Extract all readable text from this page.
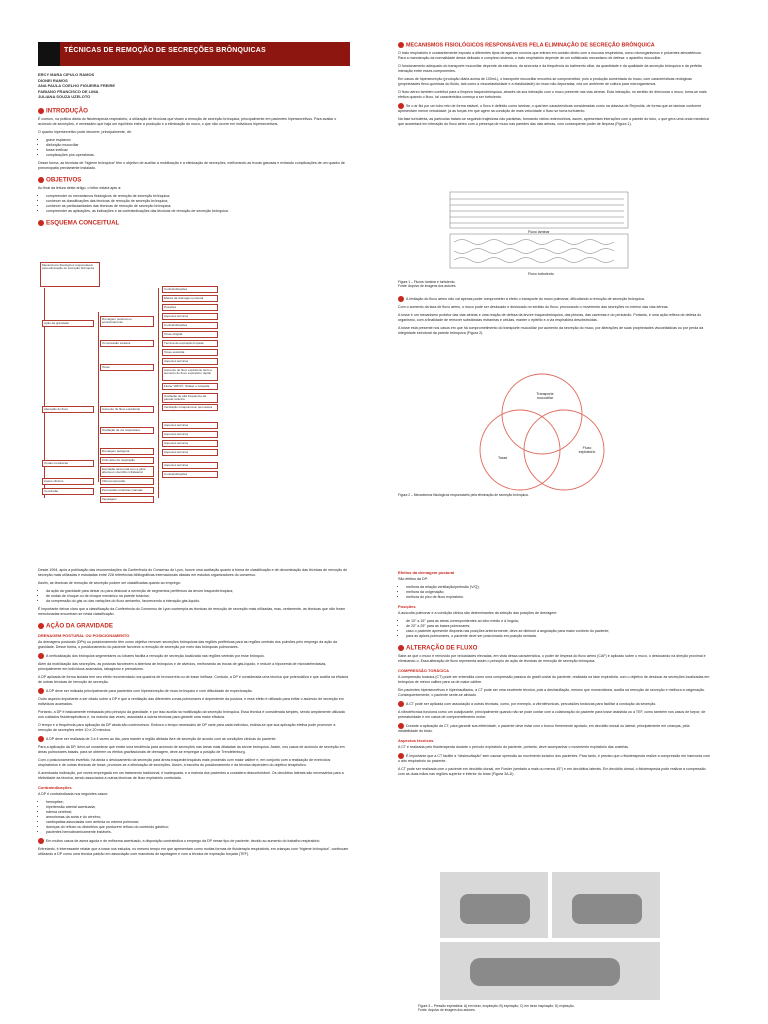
TÉCNICAS DE REMOÇÃO DE SECREÇÕES BRÔNQUICAS
ERCY MARA CIPULO RAMOS
DIONEI RAMOS
ANA PAULA COELHO FIGUEIRA FREIRE
FABIANO FRANCISCO DE LIMA
JULIANA SOUZA UZELOTO
INTRODUÇÃO

É comum, na prática diária do fisioterapeuta respiratório, a utilização de técnicas que visam a remoção de secreção brônquica, principalmente em pacientes hipersecretivos. Para avaliar o acúmulo de secreções, é necessário que haja um equilíbrio entre a produção e a eliminação do muco, o que não ocorre em indivíduos hipersecretivos.

O quadro hipersecretivo pode decorrer, principalmente, de:

• grave espásmo
• disfunção mucociliar
• tosse ineficaz
• complicações pós-operatórias.

Desse forma, as técnicas de “higiene brônquica” têm o objetivo de auxiliar a mobilização e a eliminação de secreções, melhorando as trocas gasosas e evitando complicações de um quadro de pneumopatia previamente instalado.

OBJETIVOS

Ao final da leitura deste artigo, o leitor estará apto a:

• compreender os mecanismos fisiológicos de remoção de secreção brônquica;
• conhecer as classificações das técnicas de remoção de secreção brônquica;
• conhecer as particularidades das técnicas de remoção de secreção brônquica;
• compreender as aplicações, as indicações e as contraindicações das técnicas de remoção de secreção brônquica.
ESQUEMA CONCEITUAL
Mecanismos fisiológicos responsáveis pela eliminação de secreção brônquica
Ação da gravidade
Alteração do fluxo
Ondas mecânicas
Casos clínicos
Conclusão
Drenagem postural ou posicionamento
Compressão torácica
Tosse
Aumento do fluxo expiratório
Oscilação da via respiratória
Drenagem autógena
Ciclo ativo de respiração
Expiração lenta total com a glote aberta em decúbito infralateral
Vibrocompressão
Percussões torácicas manuais
Tapotagem
Contraindicações
Efeitos da drenagem postural
Posições
Aspectos técnicos
Contraindicações
Tosse dirigida
Técnica de expiração forçada
Tosse assistida
Aspectos técnicos
Aumento do fluxo expiratório lento e aumento do fluxo expiratório rápido
Flutter VRP1®, Shaker e Acapella
Oscilação de alta frequência da parede torácica
Ventilação intrapulmonar percussiva
Aspectos técnicos
Aspectos técnicos
Aspectos técnicos
Aspectos técnicos
Aspectos técnicos
Contraindicações
MECANISMOS FISIOLÓGICOS RESPONSÁVEIS PELA ELIMINAÇÃO DE SECREÇÃO BRÔNQUICA

O trato respiratório é constantemente exposto a diferentes tipos de agentes nocivos que entram em contato direto com a mucosa respiratória, como microrganismos e poluentes atmosféricos. Para a manutenção da normalidade desse delicado e complexo sistema, o trato respiratório depende de um sofisticado mecanismo de defesa: o aparelho mucociliar.

O funcionamento adequado do transporte mucociliar depende da estrutura, da sincronia e da frequência do batimento ciliar, da quantidade e da qualidade da secreção brônquica e da perfeita interação entre esses componentes.

Em casos de hipersecreção (produção diária acima de 100mL), o transporte mucociliar encontra-se comprometido, pois a produção aumentada do muco, com características reológicas (propriedades flexo-químicas do fluido, tais como a viscoelasticidade e a elasticidade) do muco não depuradas, cria um ambiente de cultura para microrganismos.

O fluxo aéreo também contribui para a limpeza traqueobrônquica, através da sua interação com o muco presente nas vias aéreas. Esta interação, no sentido de direcionar o muco, torna-se mais efetiva quando o fluxo, tal característica começa a ser turbulento.

Se o ar flui por um tubo reto de forma estável, o fluxo é definido como laminar, o qual tem características consideradas como na clássica de Reynolds, de forma que se laminar conforme apresentam menor velocidade, já as forças em que agem na condição de mais velocidade o fluxo se torna turbulento.

Na fase turbulenta, as partículas tratam-se seguindo trajetórias não paralelas, formando vários redemoinhos, assim, apresentam interações com a parede do tubo, o que gera uma onda mecânica que acarretará em interação do fluxo aéreo com a presença de muco nas paredes das vias aéreas, com consequente poder de limpeza (Figura 1).

Fluxo laminar
Fluxo turbulento
Figura 1 – Fluxos: laminar e turbulento.
Fonte: Arquivo de imagens dos autores.

A limitação do fluxo aéreo não vai apenas poder comprometer a efeito o transporte do muco pulmonar, dificultando a remoção de secreção brônquica.

Com o aumento da taxa de fluxo aéreo, o muco pode ser deslocado e deslocado no sentido do fluxo, provocando o movimento das secreções no interior das vias aéreas.

A tosse é um mecanismo protetor das vias aéreas e uma reação de defesa da árvore traqueobrônquica, das pleuras, das cavernas e do pericárdio. Portanto, é uma ação reflexa de defesa do organismo, com a finalidade de remover substâncias estranhas e células, manter o epitélio e a via respiratória desobstruídas.

A tosse está presente nos casos em que há comprometimento do transporte mucociliar por aumento da secreção do muco, por alterações de suas propriedades viscoelásticas ou por perda da integridade estrutural da parede brônquica (Figura 2).

Transporte mucociliar
Tosse
Fluxo expiratório
Figura 2 – Mecanismos fisiológicos responsáveis pela eliminação de secreção brônquica.

Desde 1994, após a publicação das recomendações da Conferência do Consenso de Lyon, houve uma aceitação quanto à forma de classificação e de denominação das técnicas de remoção de secreção mais utilizadas e estudadas entre 228 referências bibliográficas internacionais citadas em estudos organizadores do consenso.

Assim, as técnicas de remoção de secreção podem ser classificadas quanto ao emprego:

• da ação da gravidade para deixar ou para deslocar a secreção de segmentos periféricos da árvore traqueobrônquica;
• de ondas de choque ou de choque mecânico na parede torácica;
• da compressão do gás ou das variações do fluxo aeriambo, favorecendo a interação gás-líquido.

É importante deixar claro que a classificação da Conferência do Consenso de Lyon contempla as técnicas de remoção de secreção mais utilizadas, mas, certamente, as técnicas que não foram mencionadas encontram-se nesta classificação.

AÇÃO DA GRAVIDADE
DRENAGEM POSTURAL OU POSICIONAMENTO

As drenagens posturais (DPs) ou posicionamento têm como objetivo remover secreções brônquicas das regiões periféricas para as regiões centrais dos pulmões pelo emprego da ação da gravidade. Desse forma, o posicionamento do paciente favorece a remoção de secreção por meio das brônquias pulmonares.

A verticalização dos brônquios segmentares ou lobares facilita a remoção de secreção localizada nas regiões ventrais por esse brônquio.

Além da mobilização das secreções, as posturas favorecem a abertura de brônquios e de alvéolos, melhorando as trocas de gás-líquido, e reduzir a hipoxemia de microatelectasias, principalmente em indivíduos acamados, tabagismo e prematuros.

A DP aplicada de forma isolada tem seu efeito recomendado nos quadros de broncorreia ou de tosse ineficaz. Contudo, a DP é considerada uma técnica que potencializa e que auxilia na eficácia de outras técnicas de remoção de secreção.

A DP deve ser indicada principalmente para pacientes com hipersecreção de muco brônquico e com dificuldade de expectoração.

Outro aspecto importante a ser citado sobre a DP é que a ventilação das diferentes zonas pulmonares é dependente da postura, e esse efeito é utilizado para evitar o acúmulo de secreção em indivíduos acamados.

Portanto, a DP é basicamente embasada pelo princípio da gravidade, e por isso auxilia na mobilização da secreção brônquica. Essa técnica é considerada simples, sendo amplamente utilizada nos cuidados fisioterapêuticos e, na maioria das vezes, associada a outras técnicas para garantir uma maior eficácia.

O tempo e a frequência para aplicação da DP ainda são controversos. Embora o tempo necessário de DP varie para cada indivíduo, estima-se que sua aplicação efetiva pode promover a remoção de secreções entre 10 e 20 minutos.

A DP deve ser realizada de 3 a 4 vezes ao dia, para manter a região afetada livre de secreção de acordo com as condições clínicas do paciente.

Para a aplicação da DP, deve-se considerar que existe uma tendência para acúmulo de secreções nas áreas mais dilatadas da árvore brônquica. Assim, nos casos de acúmulo de secreção em áreas pulmonares basais, para se obterem os efeitos gravitacionais de drenagem, deve-se empregar a posição de Trendelenburg.

Com o posicionamento invertido, há ainda o deslocamento da secreção para áreas traqueobrônquicas mais proximais com maior calibre e, em conjunto com a realização de exercícios respiratórios e de outras técnicas de tosse, promove-se a eliminação de secreções. Assim, a escolha do posicionamento e da técnica dependem do objetivo terapêutico.

A acentuada inclinação, por vezes empregada em um tratamento tradicional, é inadequada, e a maioria dos pacientes a considera desconfortável. Os decúbitos laterais são necessários para a efetividade da técnica, sendo associados a outras técnicas de fluxo expiratório controlado.

Contraindicações

A DP é contraindicada nos seguintes casos:

• hemoptise;
• hipertensão arterial acentuada;
• edema cerebral;
• aneurismas da aorta e do cérebro;
• cardiopatias associadas com arritmia ou edema pulmonar;
• doenças do refluxo ou distúrbios que produzem refluxo do conteúdo gástrico;
• pacientes hemodinamicamente instáveis.

Em muitos casos de asma aguda e de enfisema acentuado, a disposição contraindica o emprego da DP nesse tipo de paciente, devido ao aumento do trabalho respiratório.

Entretanto, é interessante relatar que a tosse nos estudos, no mesmo tempo em que apresentam como muitas formas de fisioterapia respiratória, em crianças com “higiene brônquica”, continuam utilizando a DP como uma técnica padrão em associação com manobras de tapotagem e com a técnica de expiração forçada (TEF).

Efeitos da drenagem postural

São efeitos da DP:

• melhora da relação ventilação/perfusão (V/Q);
• melhora da oxigenação;
• melhora do pico de fluxo expiratório.
Posições

A ausculta pulmonar e a condição clínica são determinantes da seleção das posições de drenagem:

• de 10° a 15° para as áreas correspondentes ao lobo médio e à língula;
• de 20° a 25° para as bases pulmonares;
• caso o paciente apresente dispneia nas posições anteriormente, deve-se diminuir a angulação para maior conforto do paciente;
• para as ápices pulmonares, o paciente deve ser posicionado em posição sentada.
ALTERAÇÃO DE FLUXO

Sabe-se que o muco é removido por velocidades elevadas, em vista dessa característica, o poder de limpeza do fluxo aéreo (CAF) é aplicado sobre o muco, o deslocando na direção proximal e eliminando-o. Essa alteração de fluxo representa assim o princípio de ação de técnicas de remoção de secreção brônquica.

COMPRESSÃO TORÁCICA

A compressão torácica (CT) pode ser entendida como uma compressão passiva do gradil costal do paciente, realizada na fase expiratória, com o objetivo de deslocar as secreções localizadas em brônquios de menor calibre para os de maior calibre.

Em pacientes hipersecretivos e hiperinsuflados, a CT pode ser uma excelente técnica, pois a desinsuflação, mesmo que momentânea, auxilia na remoção de secreção e melhora a oxigenação. Consequentemente, o paciente sente-se aliviado.

A CT pode ser aplicada com associação a outras técnicas, como, por exemplo, a vibrotéhcnicas, percussões torácicas para facilitar a condução da secreção.

A vibrotéhcnica funciona como um coadjuvante, principalmente quando não se pode contar com a colaboração do paciente para tosse assistida ou a TEF, como também nos casos de torpor, de prematuridade e em casos de comprometimento motor.

Durante a aplicação da CT, para garantir sua efetividade, o paciente deve estar com o tronco firmemente apoiado, em decúbito dorsal ou lateral, principalmente em crianças, pela instabilidade do tórax.

Aspectos técnicos

A CT é realizada pelo fisioterapeuta durante o período expiratório do paciente, portanto, deve acompanhar o movimento expiratório das costelas.

É importante que a CT facilite a “desinsuflação” sem causar opressão ao movimento torácico dos pacientes. Para tanto, é preciso que o fisioterapeuta realize a compressão em harmonia com o alto respiratório do paciente.

A CT pode ser realizada com o paciente em decúbito dorsal, em Fowler (sentado a mais ou menos 45°) e em decúbitos laterais. Em decúbito dorsal, o fisioterapeuta pode realizar a compressão com as duas mãos nas regiões superior e inferior do tórax (Figura 3A-D).

Figura 3 – Pressão expiratória: A) em tórax, inspiração; B) expiração; C) em tórax inspiração; D) expiração.
Fonte: Arquivo de imagem dos autores.
